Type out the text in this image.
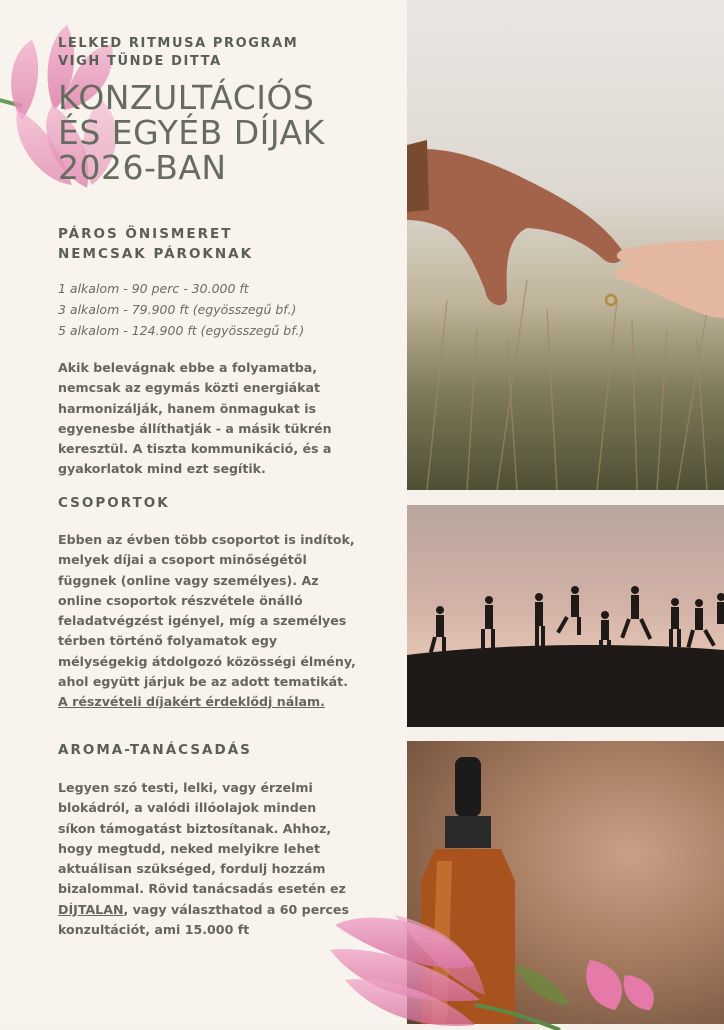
LELKED RITMUSA PROGRAM
VIGH TÜNDE DITTA
KONZULTÁCIÓS
ÉS EGYÉB DÍJAK
2026-BAN
PÁROS ÖNISMERET
NEMCSAK PÁROKNAK
1 alkalom - 90 perc - 30.000 ft
3 alkalom - 79.900 ft (egyösszegű bf.)
5 alkalom - 124.900 ft (egyösszegű bf.)
Akik belevágnak ebbe a folyamatba, nemcsak az egymás közti energiákat harmonizálják, hanem önmagukat is egyenesbe állíthatják - a másik tükrén keresztül. A tiszta kommunikáció, és a gyakorlatok mind ezt segítik.
CSOPORTOK
Ebben az évben több csoportot is indítok, melyek díjai a csoport minőségétől függnek (online vagy személyes). Az online csoportok részvétele önálló feladatvégzést igényel, míg a személyes térben történő folyamatok egy mélységekig átdolgozó közösségi élmény, ahol együtt járjuk be az adott tematikát. A részvételi díjakért érdeklődj nálam.
AROMA-TANÁCSADÁS
Legyen szó testi, lelki, vagy érzelmi blokádról, a valódi illóolajok minden síkon támogatást biztosítanak. Ahhoz, hogy megtudd, neked melyikre lehet aktuálisan szükséged, fordulj hozzám bizalommal. Rövid tanácsadás esetén ez DÍJTALAN, vagy választhatod a 60 perces konzultációt, ami 15.000 ft
